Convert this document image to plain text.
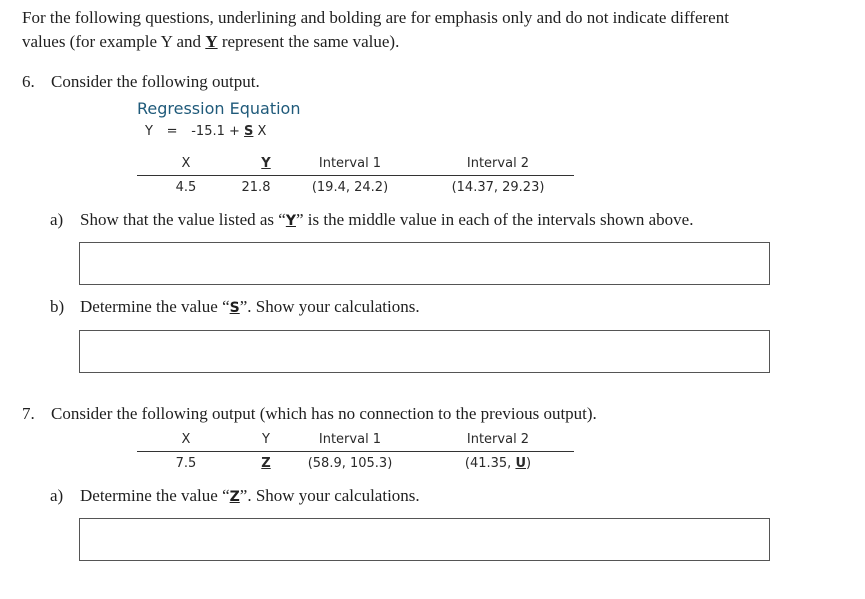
For the following questions, underlining and bolding are for emphasis only and do not indicate different
values (for example Y and Y represent the same value).
6. Consider the following output.
Regression Equation
Y = -15.1 + S X
X	Y	Interval 1	Interval 2
4.5	21.8	(19.4, 24.2)	(14.37, 29.23)
a) Show that the value listed as “Y” is the middle value in each of the intervals shown above.
b) Determine the value “S”. Show your calculations.
7. Consider the following output (which has no connection to the previous output).
X	Y	Interval 1	Interval 2
7.5	Z	(58.9, 105.3)	(41.35, U)
a) Determine the value “Z”. Show your calculations.
